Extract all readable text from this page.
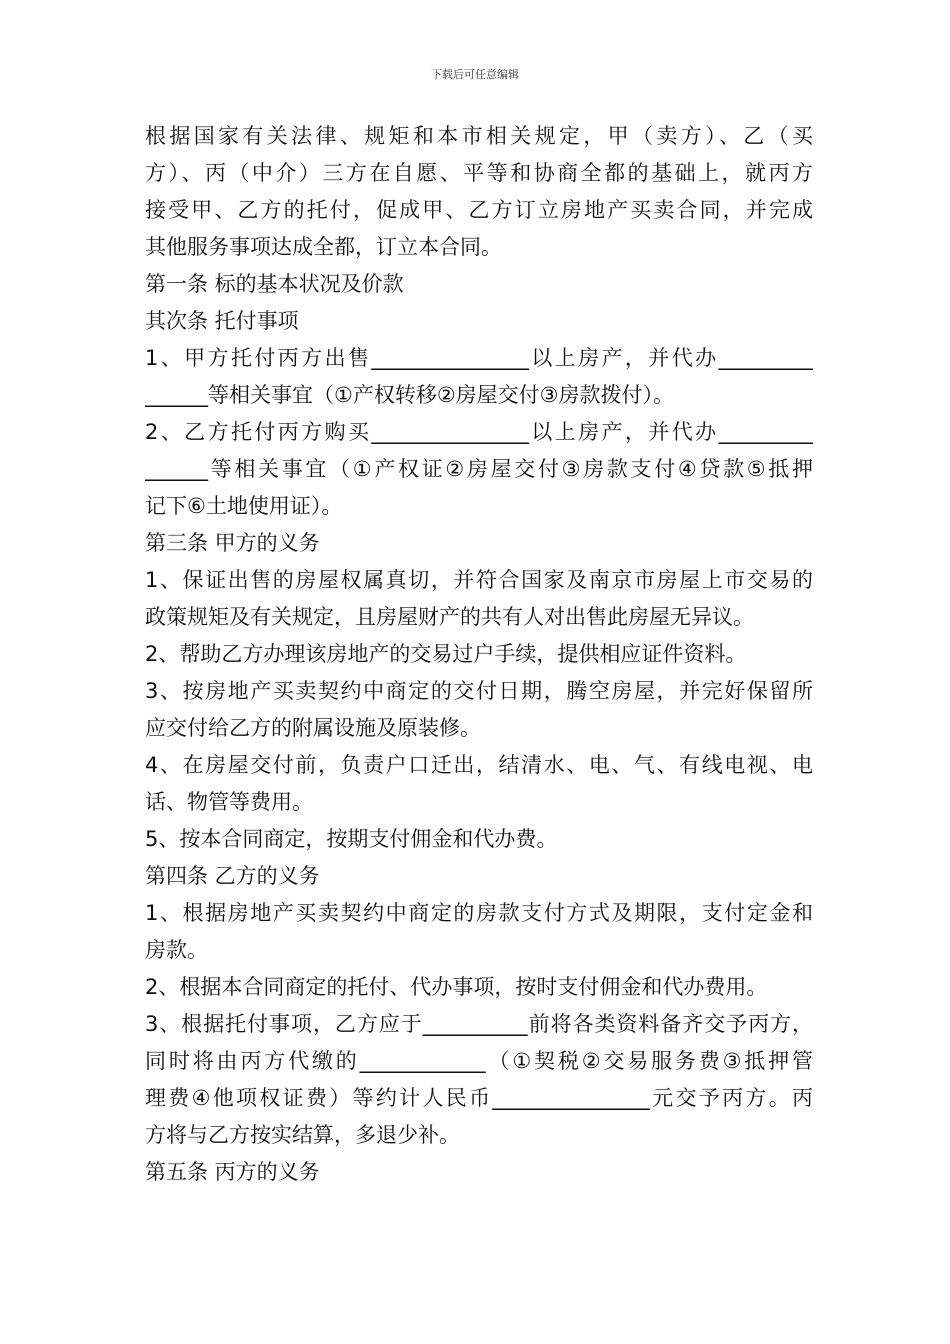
下载后可任意编辑
根据国家有关法律、规矩和本市相关规定，甲（卖方）、乙（买
方）、丙（中介）三方在自愿、平等和协商全都的基础上，就丙方
接受甲、乙方的托付，促成甲、乙方订立房地产买卖合同，并完成
其他服务事项达成全都，订立本合同。
第一条 标的基本状况及价款
其次条 托付事项
1、甲方托付丙方出售_______________以上房产，并代办_________
______等相关事宜（①产权转移②房屋交付③房款拨付）。
2、乙方托付丙方购买_______________以上房产，并代办_________
______等相关事宜（①产权证②房屋交付③房款支付④贷款⑤抵押
记下⑥土地使用证）。
第三条 甲方的义务
1、保证出售的房屋权属真切，并符合国家及南京市房屋上市交易的
政策规矩及有关规定，且房屋财产的共有人对出售此房屋无异议。
2、帮助乙方办理该房地产的交易过户手续，提供相应证件资料。
3、按房地产买卖契约中商定的交付日期，腾空房屋，并完好保留所
应交付给乙方的附属设施及原装修。
4、在房屋交付前，负责户口迁出，结清水、电、气、有线电视、电
话、物管等费用。
5、按本合同商定，按期支付佣金和代办费。
第四条 乙方的义务
1、根据房地产买卖契约中商定的房款支付方式及期限，支付定金和
房款。
2、根据本合同商定的托付、代办事项，按时支付佣金和代办费用。
3、根据托付事项，乙方应于__________前将各类资料备齐交予丙方，
同时将由丙方代缴的____________（①契税②交易服务费③抵押管
理费④他项权证费）等约计人民币_______________元交予丙方。丙
方将与乙方按实结算，多退少补。
第五条 丙方的义务
